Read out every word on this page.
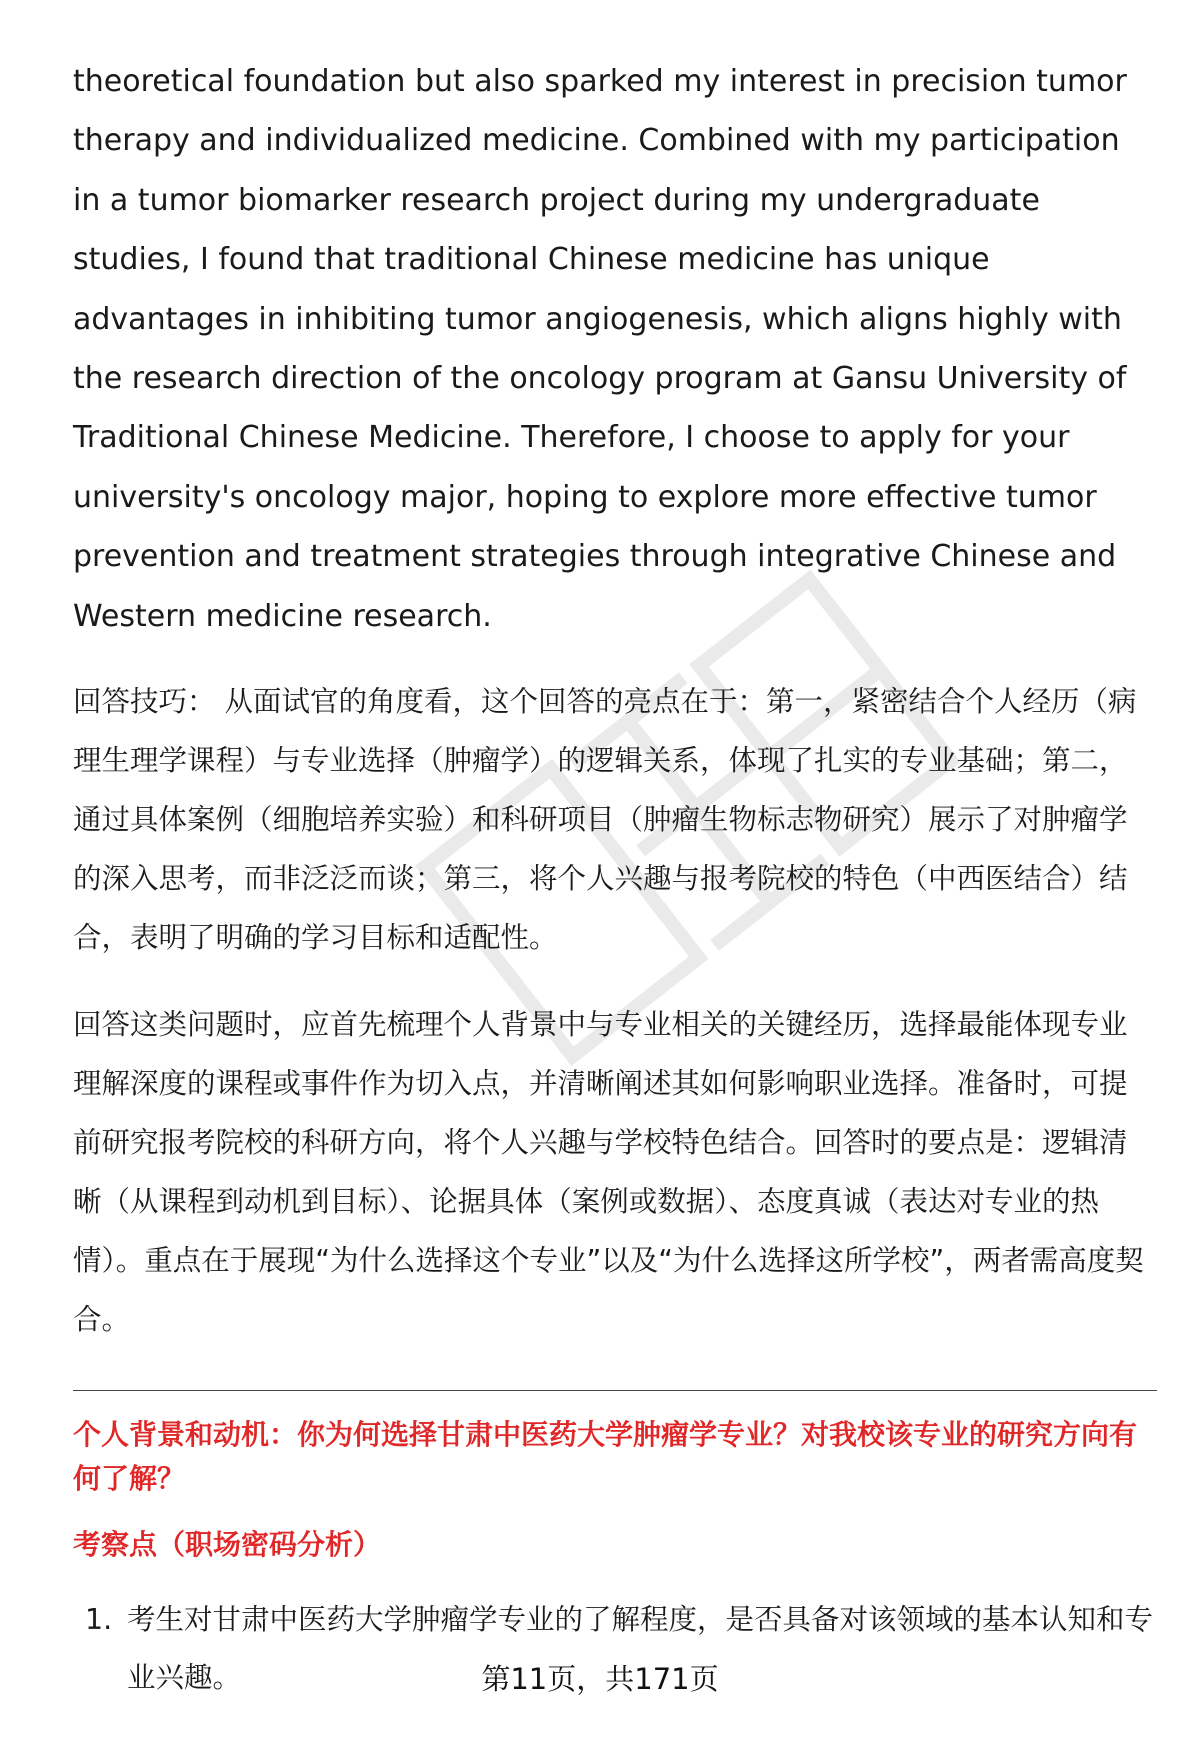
theoretical foundation but also sparked my interest in precision tumor therapy and individualized medicine. Combined with my participation in a tumor biomarker research project during my undergraduate studies, I found that traditional Chinese medicine has unique advantages in inhibiting tumor angiogenesis, which aligns highly with the research direction of the oncology program at Gansu University of Traditional Chinese Medicine. Therefore, I choose to apply for your university's oncology major, hoping to explore more effective tumor prevention and treatment strategies through integrative Chinese and Western medicine research.

回答技巧： 从面试官的角度看，这个回答的亮点在于：第一，紧密结合个人经历（病理生理学课程）与专业选择（肿瘤学）的逻辑关系，体现了扎实的专业基础；第二，通过具体案例（细胞培养实验）和科研项目（肿瘤生物标志物研究）展示了对肿瘤学的深入思考，而非泛泛而谈；第三，将个人兴趣与报考院校的特色（中西医结合）结合，表明了明确的学习目标和适配性。

回答这类问题时，应首先梳理个人背景中与专业相关的关键经历，选择最能体现专业理解深度的课程或事件作为切入点，并清晰阐述其如何影响职业选择。准备时，可提前研究报考院校的科研方向，将个人兴趣与学校特色结合。回答时的要点是：逻辑清晰（从课程到动机到目标）、论据具体（案例或数据）、态度真诚（表达对专业的热情）。重点在于展现“为什么选择这个专业”以及“为什么选择这所学校”，两者需高度契合。

个人背景和动机：你为何选择甘肃中医药大学肿瘤学专业？对我校该专业的研究方向有何了解？
考察点（职场密码分析）
1. 考生对甘肃中医药大学肿瘤学专业的了解程度，是否具备对该领域的基本认知和专业兴趣。	第11页，共171页
